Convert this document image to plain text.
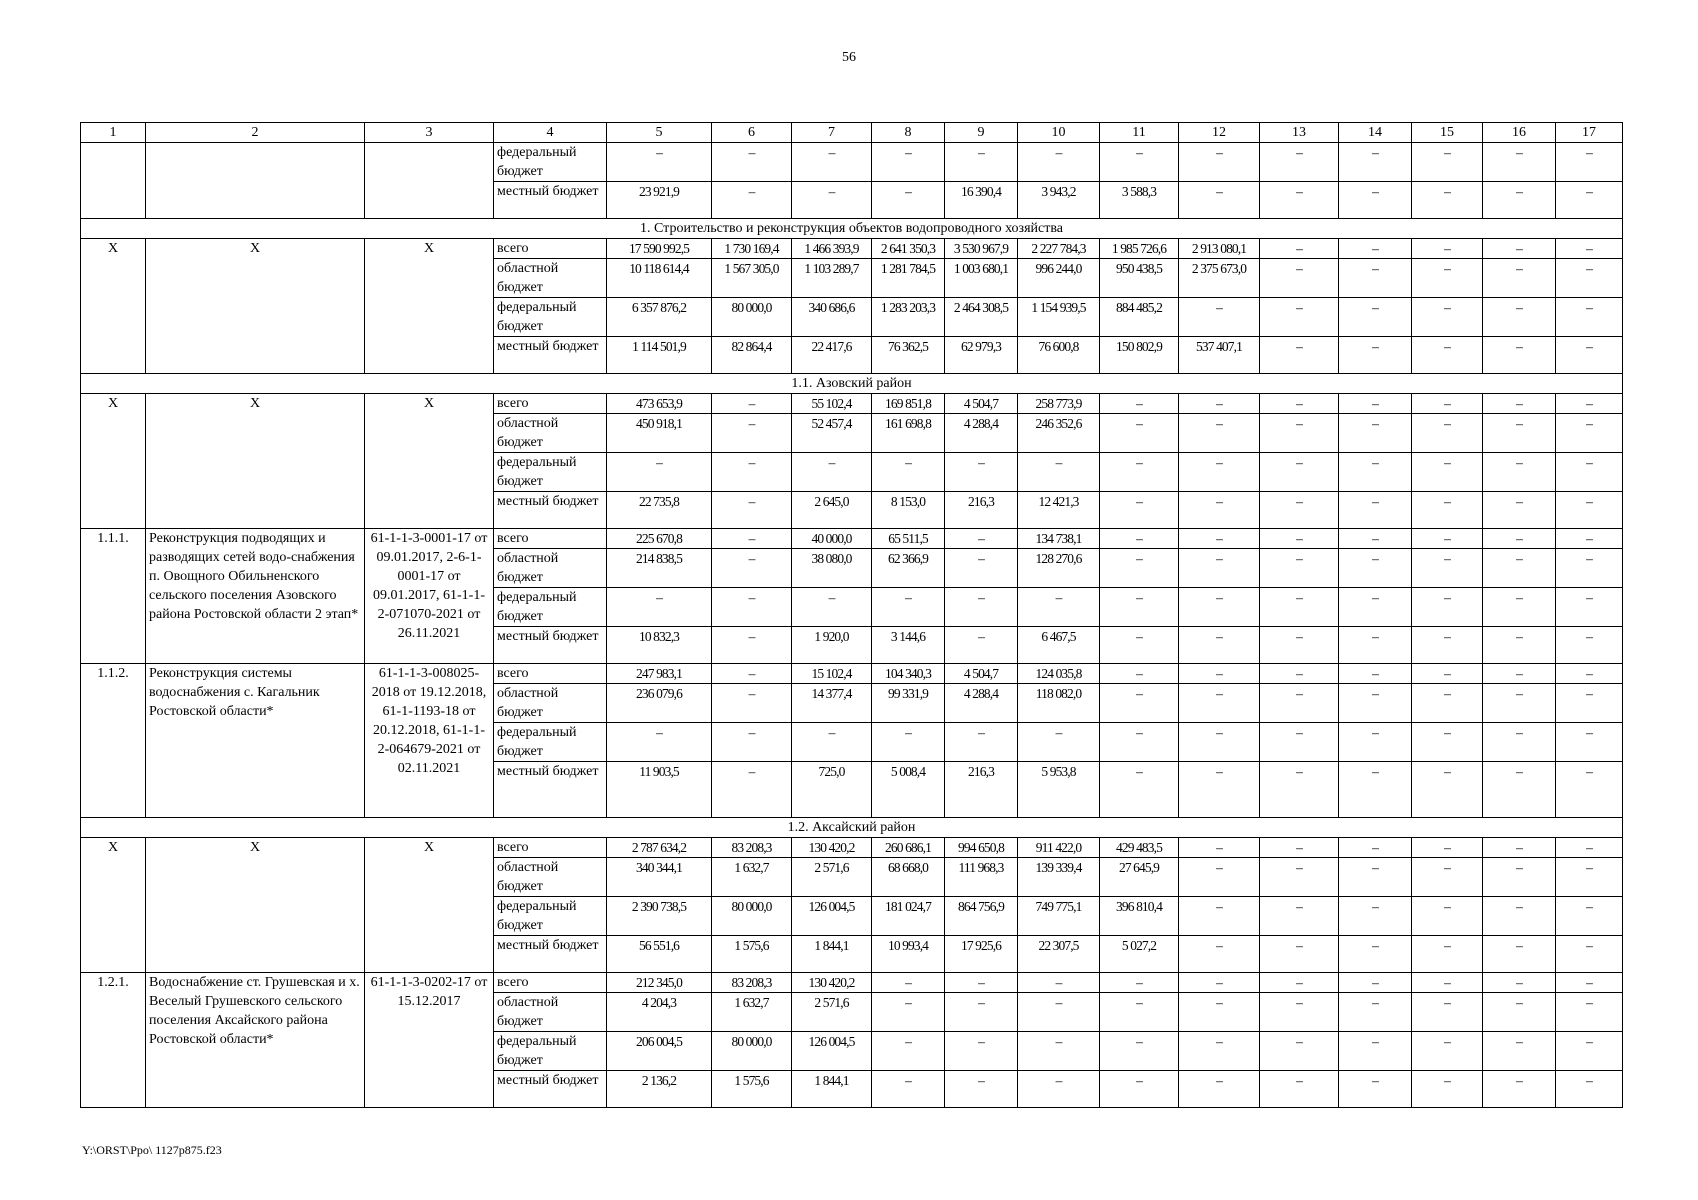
56
1	2	3	4	5	6	7	8	9	10	11	12	13	14	15	16	17
			федеральный бюджет	–	–	–	–	–	–	–	–	–	–	–	–	–
			местный бюджет	23 921,9	–	–	–	16 390,4	3 943,2	3 588,3	–	–	–	–	–	–
1. Строительство и реконструкция объектов водопроводного хозяйства																
Х	Х	Х	всего	17 590 992,5	1 730 169,4	1 466 393,9	2 641 350,3	3 530 967,9	2 227 784,3	1 985 726,6	2 913 080,1	–	–	–	–	–
			областной бюджет	10 118 614,4	1 567 305,0	1 103 289,7	1 281 784,5	1 003 680,1	996 244,0	950 438,5	2 375 673,0	–	–	–	–	–
			федеральный бюджет	6 357 876,2	80 000,0	340 686,6	1 283 203,3	2 464 308,5	1 154 939,5	884 485,2	–	–	–	–	–	–
			местный бюджет	1 114 501,9	82 864,4	22 417,6	76 362,5	62 979,3	76 600,8	150 802,9	537 407,1	–	–	–	–	–
1.1. Азовский район																
Х	Х	Х	всего	473 653,9	–	55 102,4	169 851,8	4 504,7	258 773,9	–	–	–	–	–	–	–
			областной бюджет	450 918,1	–	52 457,4	161 698,8	4 288,4	246 352,6	–	–	–	–	–	–	–
			федеральный бюджет	–	–	–	–	–	–	–	–	–	–	–	–	–
			местный бюджет	22 735,8	–	2 645,0	8 153,0	216,3	12 421,3	–	–	–	–	–	–	–
1.1.1.	Реконструкция подводящих и разводящих сетей водо-снабжения п. Овощного Обильненского сельского поселения Азовского района Ростовской области 2 этап*	61-1-1-3-0001-17 от 09.01.2017, 2-6-1-0001-17 от 09.01.2017, 61-1-1-2-071070-2021 от 26.11.2021	всего	225 670,8	–	40 000,0	65 511,5	–	134 738,1	–	–	–	–	–	–	–
			областной бюджет	214 838,5	–	38 080,0	62 366,9	–	128 270,6	–	–	–	–	–	–	–
			федеральный бюджет	–	–	–	–	–	–	–	–	–	–	–	–	–
			местный бюджет	10 832,3	–	1 920,0	3 144,6	–	6 467,5	–	–	–	–	–	–	–
1.1.2.	Реконструкция системы водоснабжения с. Кагальник Ростовской области*	61-1-1-3-008025-2018 от 19.12.2018, 61-1-1193-18 от 20.12.2018, 61-1-1-2-064679-2021 от 02.11.2021	всего	247 983,1	–	15 102,4	104 340,3	4 504,7	124 035,8	–	–	–	–	–	–	–
			областной бюджет	236 079,6	–	14 377,4	99 331,9	4 288,4	118 082,0	–	–	–	–	–	–	–
			федеральный бюджет	–	–	–	–	–	–	–	–	–	–	–	–	–
			местный бюджет	11 903,5	–	725,0	5 008,4	216,3	5 953,8	–	–	–	–	–	–	–
1.2. Аксайский район																
Х	Х	Х	всего	2 787 634,2	83 208,3	130 420,2	260 686,1	994 650,8	911 422,0	429 483,5	–	–	–	–	–	–
			областной бюджет	340 344,1	1 632,7	2 571,6	68 668,0	111 968,3	139 339,4	27 645,9	–	–	–	–	–	–
			федеральный бюджет	2 390 738,5	80 000,0	126 004,5	181 024,7	864 756,9	749 775,1	396 810,4	–	–	–	–	–	–
			местный бюджет	56 551,6	1 575,6	1 844,1	10 993,4	17 925,6	22 307,5	5 027,2	–	–	–	–	–	–
1.2.1.	Водоснабжение ст. Грушевская и х. Веселый Грушевского сельского поселения Аксайского района Ростовской области*	61-1-1-3-0202-17 от 15.12.2017	всего	212 345,0	83 208,3	130 420,2	–	–	–	–	–	–	–	–	–	–
			областной бюджет	4 204,3	1 632,7	2 571,6	–	–	–	–	–	–	–	–	–	–
			федеральный бюджет	206 004,5	80 000,0	126 004,5	–	–	–	–	–	–	–	–	–	–
			местный бюджет	2 136,2	1 575,6	1 844,1	–	–	–	–	–	–	–	–	–	–
Y:\ORST\Ppo\ 1127p875.f23
